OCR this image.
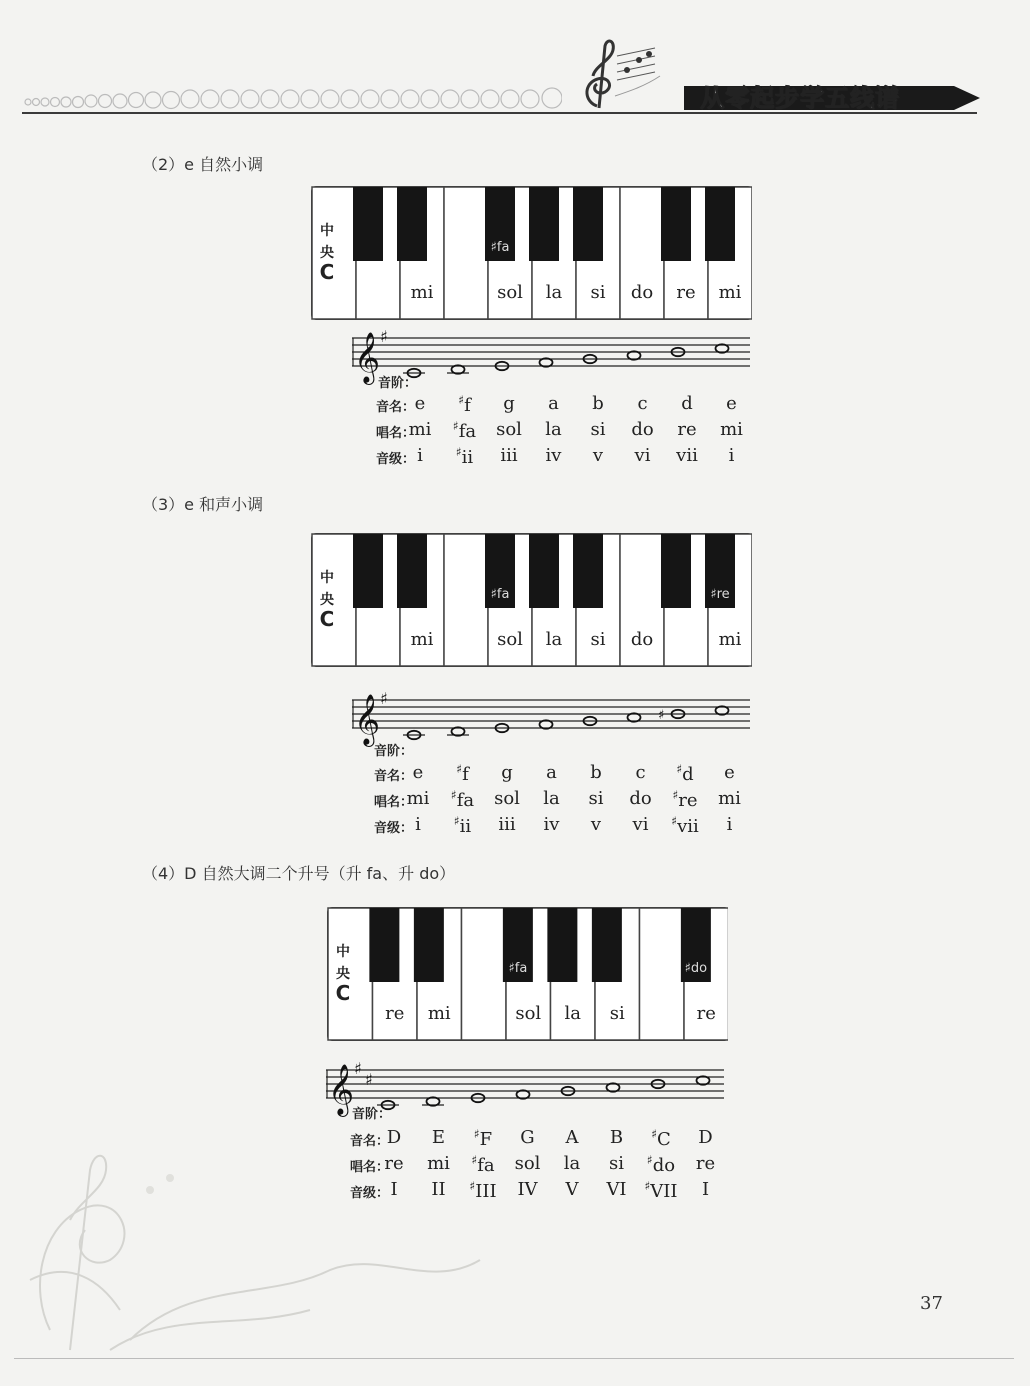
从零起步学五线谱
（2）e 自然小调
（3）e 和声小调
（4）D 自然大调二个升号（升 fa、升 do）
中
央
C
mi	sol la si do re mi
♯fa
中
央
C
mi	sol la si do	mi
♯fa	♯re
中
央
C
re mi	sol la si	re
♯fa	♯do
𝄞 ♯
𝄞 ♯
♯
𝄞 ♯
♯
音阶：
音阶：
音阶：
音名： e	♯f	g	a	b	c	d	e
唱名：
mi	♯fa	sol	la	si	do	re	mi
音级： i	♯ii	iii	iv	v	vi	vii	i
音名： e	♯f	g	a	b	c	♯d	e
唱名：
mi	♯fa	sol	la	si	do	♯re	mi
音级： i	♯ii	iii	iv	v	vi	♯vii	i
音名：
D	E	♯F	G	A	B	♯C	D
唱名：
re	mi	♯fa	sol	la	si	♯do	re
音级： I	II	♯III	IV	V	VI	♯VII	I
37
